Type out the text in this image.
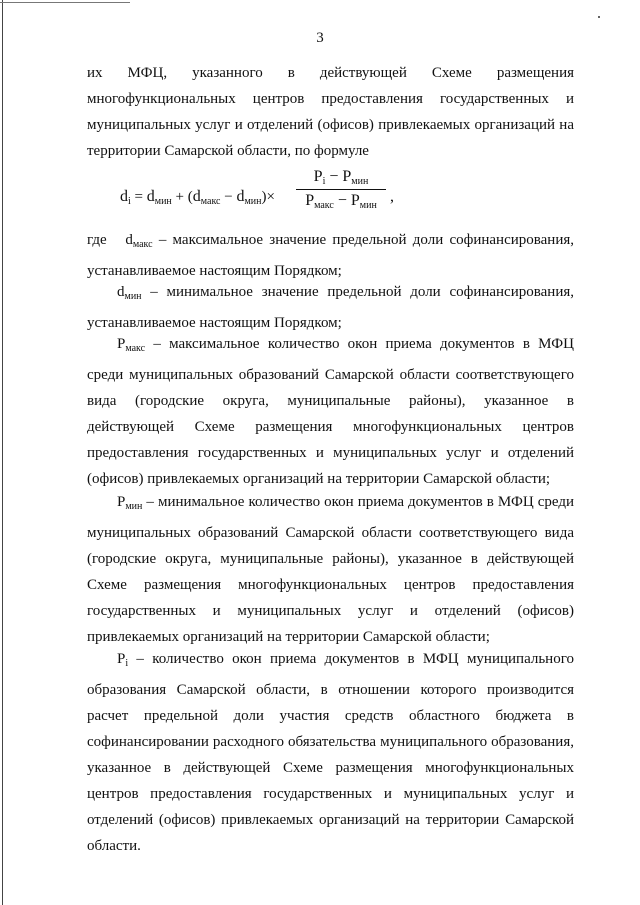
3
их МФЦ, указанного в действующей Схеме размещения многофункциональных центров предоставления государственных и муниципальных услуг и отделений (офисов) привлекаемых организаций на территории Самарской области, по формуле
$d_i = d_{мин} + (d_{макс} - d_{мин})\times$
$P_i - P_{мин}$
$P_{макс} - P_{мин}$
,
где $d_{макс}$ – максимальное значение предельной доли софинансирования, устанавливаемое настоящим Порядком;
$d_{мин}$ – минимальное значение предельной доли софинансирования, устанавливаемое настоящим Порядком;
$P_{макс}$ – максимальное количество окон приема документов в МФЦ среди муниципальных образований Самарской области соответствующего вида (городские округа, муниципальные районы), указанное в действующей Схеме размещения многофункциональных центров предоставления государственных и муниципальных услуг и отделений (офисов) привлекаемых организаций на территории Самарской области;
$P_{мин}$ – минимальное количество окон приема документов в МФЦ среди муниципальных образований Самарской области соответствующего вида (городские округа, муниципальные районы), указанное в действующей Схеме размещения многофункциональных центров предоставления государственных и муниципальных услуг и отделений (офисов) привлекаемых организаций на территории Самарской области;
$P_i$ – количество окон приема документов в МФЦ муниципального образования Самарской области, в отношении которого производится расчет предельной доли участия средств областного бюджета в софинансировании расходного обязательства муниципального образования, указанное в действующей Схеме размещения многофункциональных центров предоставления государственных и муниципальных услуг и отделений (офисов) привлекаемых организаций на территории Самарской области.
